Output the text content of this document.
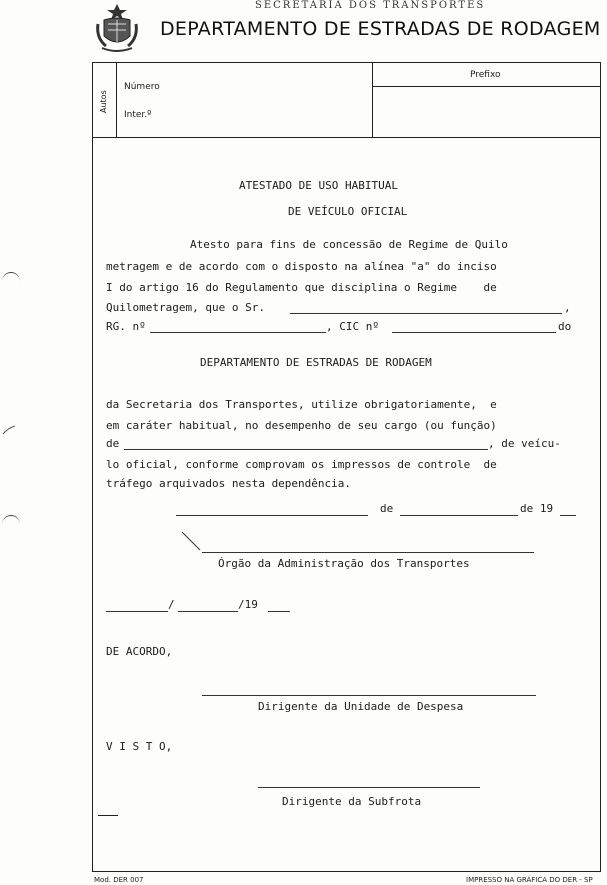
SECRETARIA DOS TRANSPORTES
DEPARTAMENTO DE ESTRADAS DE RODAGEM
Autos
Número
Inter.º
Prefixo
ATESTADO DE USO HABITUAL
DE VEÍCULO OFICIAL
Atesto para fins de concessão de Regime de Quilo
metragem e de acordo com o disposto na alínea "a" do inciso
I do artigo 16 do Regulamento que disciplina o Regime    de
Quilometragem, que o Sr.	,
RG. nº	, CIC nº	do
DEPARTAMENTO DE ESTRADAS DE RODAGEM
da Secretaria dos Transportes, utilize obrigatoriamente,  e
em caráter habitual, no desempenho de seu cargo (ou função)
de	, de veícu-
lo oficial, conforme comprovam os impressos de controle  de
tráfego arquivados nesta dependência.
de	de 19
Órgão da Administração dos Transportes
/	/19
DE ACORDO,
Dirigente da Unidade de Despesa
V I S T O,
Dirigente da Subfrota
Mod. DER 007	IMPRESSO NA GRÁFICA DO DER - SP
